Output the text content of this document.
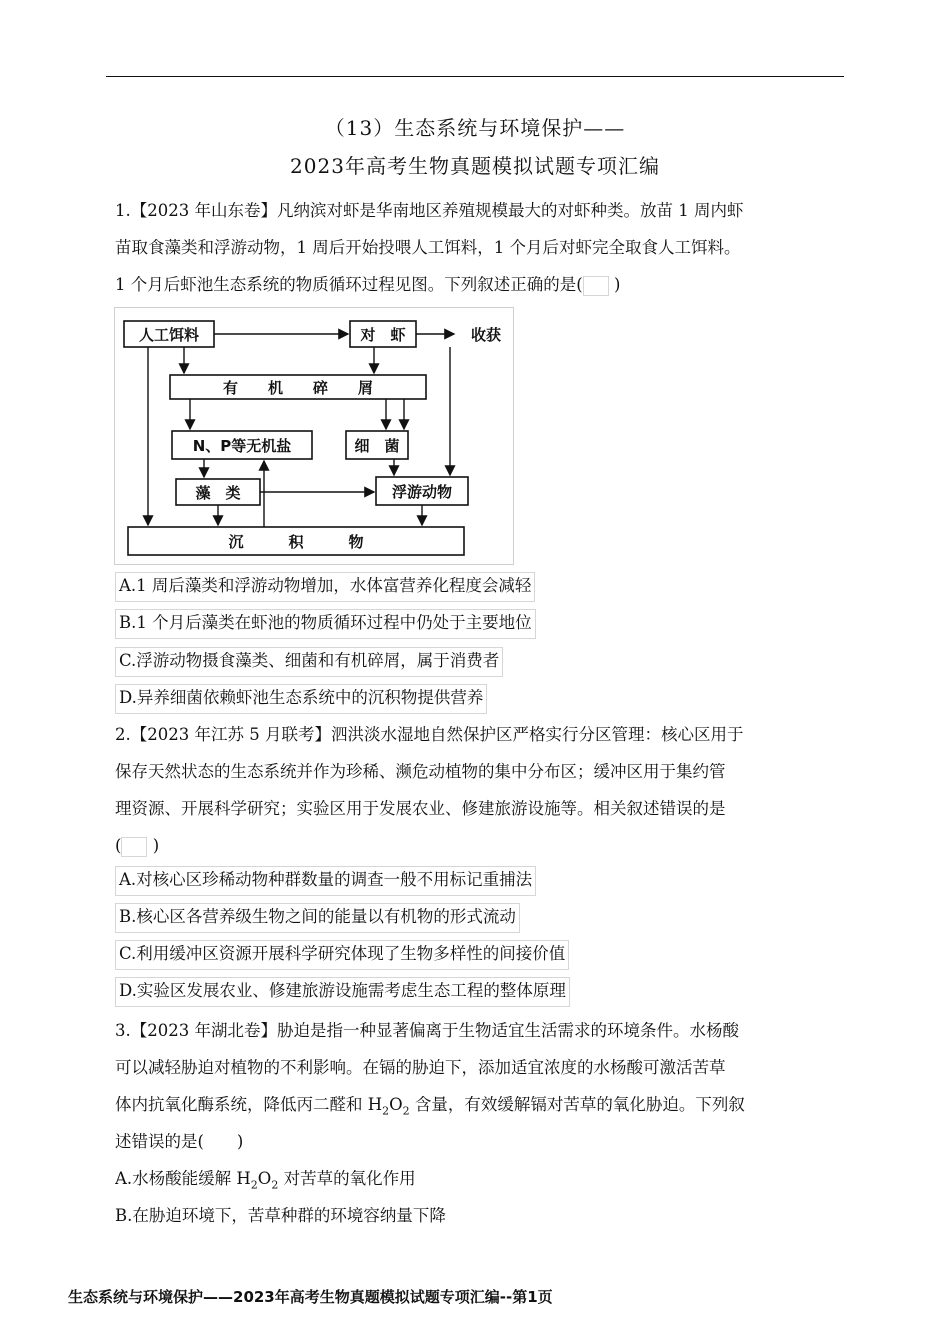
（13）生态系统与环境保护——
2023年高考生物真题模拟试题专项汇编
1.【2023 年山东卷】凡纳滨对虾是华南地区养殖规模最大的对虾种类。放苗 1 周内虾
苗取食藻类和浮游动物，1 周后开始投喂人工饵料，1 个月后对虾完全取食人工饵料。
1 个月后虾池生态系统的物质循环过程见图。下列叙述正确的是( )
人工饵料	对　虾	收获
有　　机　　碎　　屑
N、P等无机盐	细　菌
藻　类	浮游动物
沉　　　积　　　物
A.1 周后藻类和浮游动物增加，水体富营养化程度会减轻
B.1 个月后藻类在虾池的物质循环过程中仍处于主要地位
C.浮游动物摄食藻类、细菌和有机碎屑，属于消费者
D.异养细菌依赖虾池生态系统中的沉积物提供营养
2.【2023 年江苏 5 月联考】泗洪淡水湿地自然保护区严格实行分区管理：核心区用于
保存天然状态的生态系统并作为珍稀、濒危动植物的集中分布区；缓冲区用于集约管
理资源、开展科学研究；实验区用于发展农业、修建旅游设施等。相关叙述错误的是
( )
A.对核心区珍稀动物种群数量的调查一般不用标记重捕法
B.核心区各营养级生物之间的能量以有机物的形式流动
C.利用缓冲区资源开展科学研究体现了生物多样性的间接价值
D.实验区发展农业、修建旅游设施需考虑生态工程的整体原理
3.【2023 年湖北卷】胁迫是指一种显著偏离于生物适宜生活需求的环境条件。水杨酸
可以减轻胁迫对植物的不利影响。在镉的胁迫下，添加适宜浓度的水杨酸可激活苦草
体内抗氧化酶系统，降低丙二醛和 $H_2O_2$ 含量，有效缓解镉对苦草的氧化胁迫。下列叙
述错误的是(　　)
A.水杨酸能缓解 $H_2O_2$ 对苦草的氧化作用
B.在胁迫环境下，苦草种群的环境容纳量下降
生态系统与环境保护——2023年高考生物真题模拟试题专项汇编--第1页
